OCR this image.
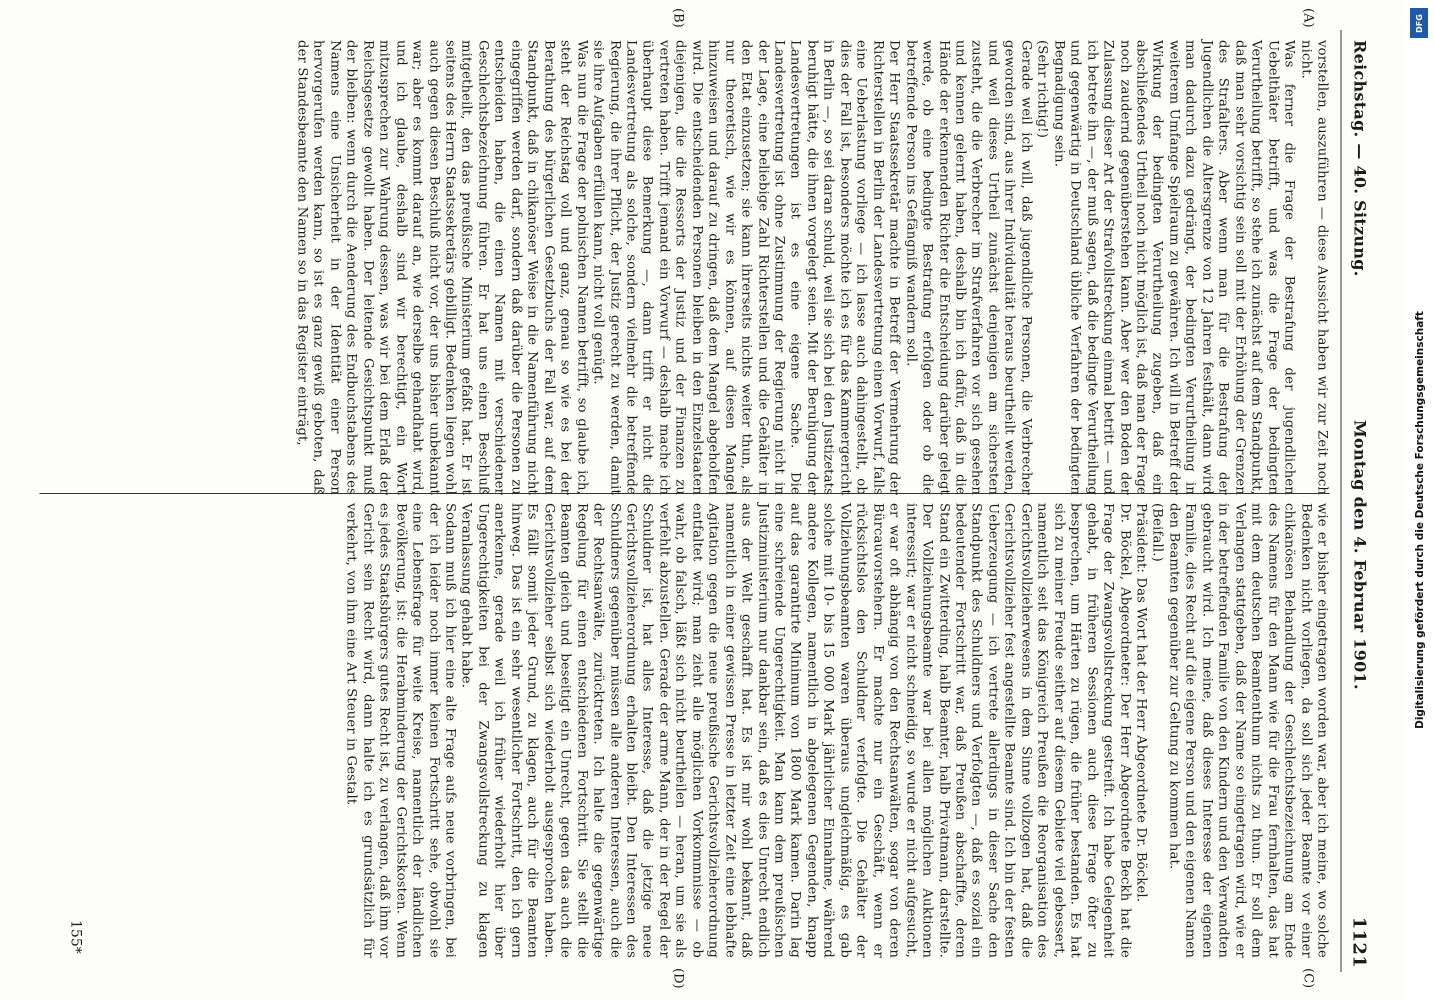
Reichstag. — 40. Sitzung.
Montag den 4. Februar 1901.
1121
(A)
(B)
(C)
(D)
vorstellen, auszuführen — diese Aussicht haben wir zur Zeit noch nicht.
Was ferner die Frage der Bestrafung der jugendlichen Uebelthäter betrifft, und was die Frage der bedingten Verurtheilung betrifft, so stehe ich zunächst auf dem Standpunkt, daß man sehr vorsichtig sein soll mit der Erhöhung der Grenzen des Strafalters. Aber wenn man für die Bestrafung der Jugendlichen die Altersgrenze von 12 Jahren festhält, dann wird man dadurch dazu gedrängt, der bedingten Verurtheilung in weiterem Umfange Spielraum zu gewähren. Ich will in Betreff der Wirkung der bedingten Verurtheilung zugeben, daß ein abschließendes Urtheil noch nicht möglich ist, daß man der Frage noch zaudernd gegenüberstehen kann. Aber wer den Boden der Zulassung dieser Art der Strafvollstreckung einmal betritt — und ich betrete ihn —, der muß sagen, daß die bedingte Verurtheilung und gegenwärtig in Deutschland übliche Verfahren der bedingten Begnadigung sein.
(Sehr richtig!)
Gerade weil ich will, daß jugendliche Personen, die Verbrecher geworden sind, aus ihrer Individualität heraus beurtheilt werden, und weil dieses Urtheil zunächst denjenigen am sichersten zusteht, die die Verbrecher im Strafverfahren vor sich gesehen und kennen gelernt haben, deshalb bin ich dafür, daß in die Hände der erkennenden Richter die Entscheidung darüber gelegt werde, ob eine bedingte Bestrafung erfolgen oder ob die betreffende Person ins Gefängniß wandern soll.
Der Herr Staatssekretär machte in Betreff der Vermehrung der Richterstellen in Berlin der Landesvertretung einen Vorwurf, falls eine Ueberlastung vorliege — ich lasse auch dahingestellt, ob dies der Fall ist, besonders möchte ich es für das Kammergericht in Berlin —, so sei daran schuld, weil sie sich bei den Justizetats beruhigt hätte, die ihnen vorgelegt seien. Mit der Beruhigung der Landesvertretungen ist es eine eigene Sache. Die Landesvertretung ist ohne Zustimmung der Regierung nicht in der Lage, eine beliebige Zahl Richterstellen und die Gehälter in den Etat einzusetzen; sie kann ihrerseits nichts weiter thun, als nur theoretisch, wie wir es können, auf diesen Mangel hinzuweisen und darauf zu dringen, daß dem Mangel abgeholfen wird. Die entscheidenden Personen bleiben in den Einzelstaaten diejenigen, die die Ressorts der Justiz und der Finanzen zu vertreten haben. Trifft jemand ein Vorwurf — deshalb mache ich überhaupt diese Bemerkung —, dann trifft er nicht die Landesvertretung als solche, sondern vielmehr die betreffende Regierung, die ihrer Pflicht, der Justiz gerecht zu werden, damit sie ihre Aufgaben erfüllen kann, nicht voll genügt.
Was nun die Frage der polnischen Namen betrifft, so glaube ich, steht der Reichstag voll und ganz, genau so wie es bei der Berathung des bürgerlichen Gesetzbuchs der Fall war, auf dem Standpunkt, daß in chikanöser Weise in die Namenführung nicht eingegriffen werden darf, sondern daß darüber die Personen zu entscheiden haben, die einen Namen mit verschiedener Geschlechtsbezeichnung führen. Er hat uns einen Beschluß mitgetheilt, den das preußische Ministerium gefaßt hat. Er ist seitens des Herrn Staatssekretärs gebilligt. Bedenken liegen wohl auch gegen diesen Beschluß nicht vor, der uns bisher unbekannt war; aber es kommt darauf an, wie derselbe gehandhabt wird, und ich glaube, deshalb sind wir berechtigt, ein Wort mitzusprechen zur Wahrung dessen, was wir bei dem Erlaß der Reichsgesetze gewollt haben. Der leitende Gesichtspunkt muß der bleiben: wenn durch die Aenderung des Endbuchstabens des Namens eine Unsicherheit in der Identität einer Person hervorgerufen werden kann, so ist es ganz gewiß geboten, daß der Standesbeamte den Namen so in das Register einträgt,
wie er bisher eingetragen worden war, aber ich meine, wo solche Bedenken nicht vorliegen, da soll sich jeder Beamte vor einer chikanösen Behandlung der Geschlechtsbezeichnung am Ende des Namens für den Mann wie für die Frau fernhalten, das hat mit dem deutschen Beamtenthum nichts zu thun. Er soll dem Verlangen stattgeben, daß der Name so eingetragen wird, wie er in der betreffenden Familie von den Kindern und den Verwandten gebraucht wird. Ich meine, daß dieses Interesse der eigenen Familie, dies Recht auf die eigene Person und den eigenen Namen den Beamten gegenüber zur Geltung zu kommen hat.
(Beifall.)
Präsident: Das Wort hat der Herr Abgeordnete Dr. Böckel.
Dr. Böckel, Abgeordneter: Der Herr Abgeordnete Beckh hat die Frage der Zwangsvollstreckung gestreift. Ich habe Gelegenheit gehabt, in früheren Sessionen auch diese Frage öfter zu besprechen, um Härten zu rügen, die früher bestanden. Es hat sich zu meiner Freude seither auf diesem Gebiete viel gebessert, namentlich seit das Königreich Preußen die Reorganisation des Gerichtsvollzieherwesens in dem Sinne vollzogen hat, daß die Gerichtsvollzieher fest angestellte Beamte sind. Ich bin der festen Ueberzeugung — ich vertrete allerdings in dieser Sache den Standpunkt des Schuldners und Verfolgten —, daß es sozial ein bedeutender Fortschritt war, daß Preußen abschaffte, deren Stand ein Zwitterding, halb Beamter, halb Privatmann, darstellte. Der Vollziehungsbeamte war bei allen möglichen Auktionen interessirt; war er nicht schneidig, so wurde er nicht aufgesucht, er war oft abhängig von den Rechtsanwälten, sogar von deren Bürcauvorstehern. Er machte nur ein Geschäft, wenn er rücksichtslos den Schuldner verfolgte. Die Gehälter der Vollziehungsbeamten waren überaus ungleichmäßig, es gab solche mit 10- bis 15 000 Mark jährlicher Einnahme, während andere Kollegen, namentlich in abgelegenen Gegenden, knapp auf das garantirte Minimum von 1800 Mark kamen. Darin lag eine schreiende Ungerechtigkeit. Man kann dem preußischen Justizministerium nur dankbar sein, daß es dies Unrecht endlich aus der Welt geschafft hat. Es ist mir wohl bekannt, daß namentlich in einer gewissen Presse in letzter Zeit eine lebhafte Agitation gegen die neue preußische Gerichtsvollzieherordnung entfaltet wird; man zieht alle möglichen Vorkommnisse — ob wahr, ob falsch, läßt sich nicht beurtheilen — heran, um sie als verfehlt abzustellen. Gerade der arme Mann, der in der Regel der Schuldner ist, hat alles Interesse, daß die jetzige neue Gerichtsvollzieherordnung erhalten bleibt. Den Interessen des Schuldners gegenüber müssen alle anderen Interessen, auch die der Rechtsanwälte, zurücktreten. Ich halte die gegenwärtige Regelung für einen entschiedenen Fortschritt. Sie stellt die Beamten gleich und beseitigt ein Unrecht, gegen das auch die Gerichtsvollzieher selbst sich wiederholt ausgesprochen haben. Es fällt somit jeder Grund, zu klagen, auch für die Beamten hinweg. Das ist ein sehr wesentlicher Fortschritt, den ich gern anerkenne, gerade weil ich früher wiederholt hier über Ungerechtigkeiten bei der Zwangsvollstreckung zu klagen Veranlassung gehabt habe.
Sodann muß ich hier eine alte Frage aufs neue vorbringen, bei der ich leider noch immer keinen Fortschritt sehe, obwohl sie eine Lebensfrage für weite Kreise, namentlich der ländlichen Bevölkerung, ist: die Herabminderung der Gerichtskosten. Wenn es jedes Staatsbürgers gutes Recht ist, zu verlangen, daß ihm vor Gericht sein Recht wird, dann halte ich es grundsätzlich für verkehrt, von ihm eine Art Steuer in Gestalt
155*
DFG
Digitalisierung gefördert durch die Deutsche Forschungsgemeinschaft
